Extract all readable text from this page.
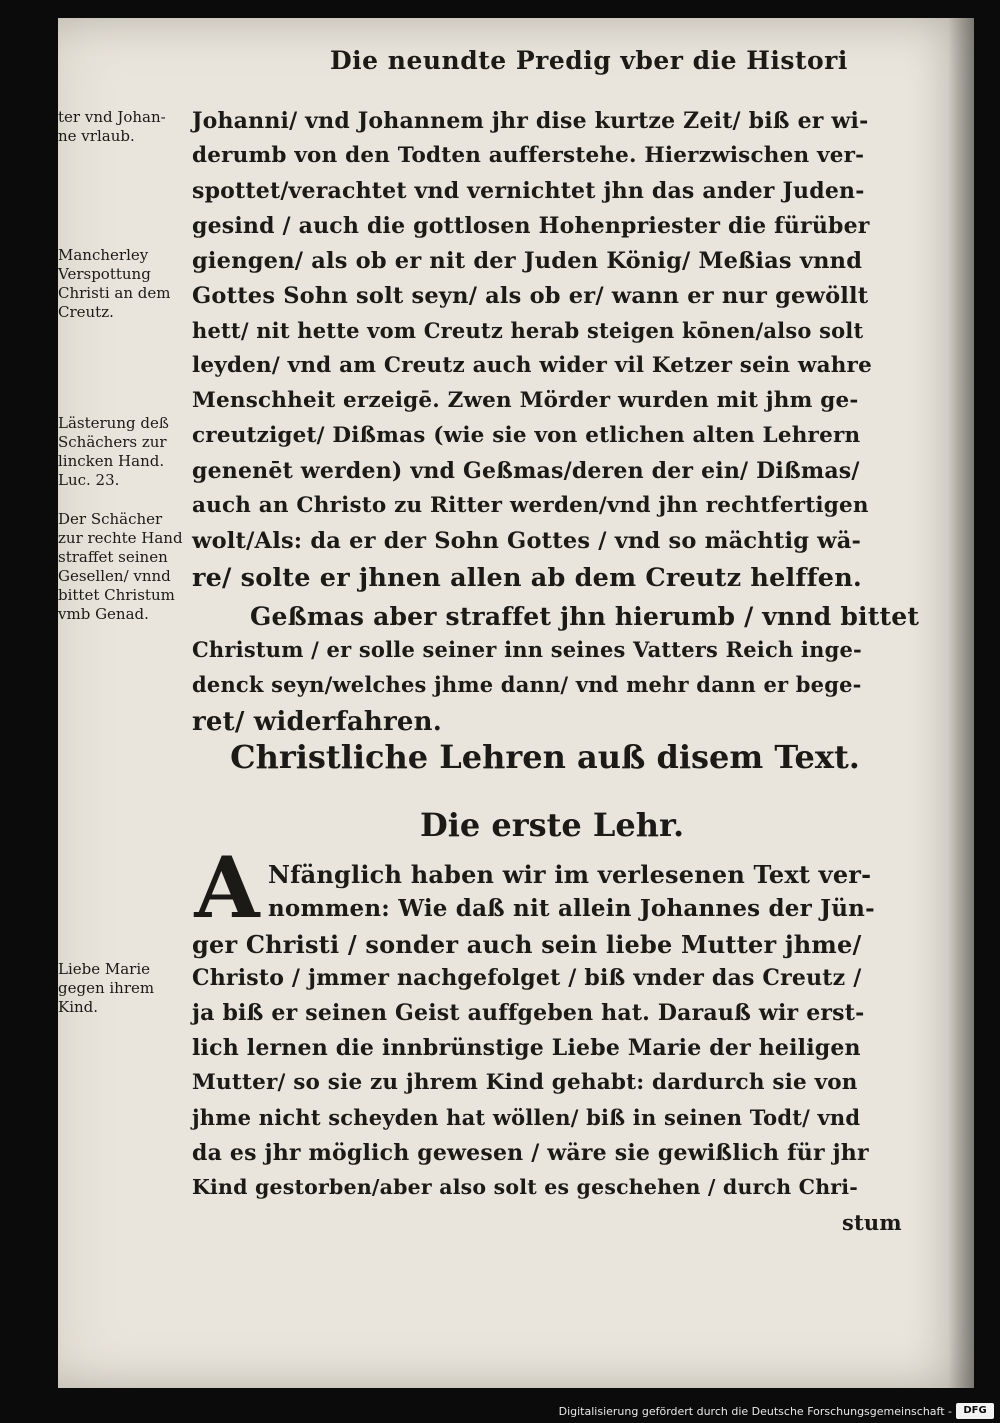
Die neundte Predig vber die Histori
ter vnd Johan-
ne vrlaub.
Mancherley
Verspottung
Christi an dem
Creutz.
Lästerung deß
Schächers zur
lincken Hand.
Luc. 23.
Der Schächer
zur rechte Hand
straffet seinen
Gesellen/ vnnd
bittet Christum
vmb Genad.
Liebe Marie
gegen ihrem
Kind.
Johanni/ vnd Johannem jhr dise kurtze Zeit/ biß er wi-
derumb von den Todten aufferstehe. Hierzwischen ver-
spottet/verachtet vnd vernichtet jhn das ander Juden-
gesind / auch die gottlosen Hohenpriester die fürüber
giengen/ als ob er nit der Juden König/ Meßias vnnd
Gottes Sohn solt seyn/ als ob er/ wann er nur gewöllt
hett/ nit hette vom Creutz herab steigen kōnen/also solt
leyden/ vnd am Creutz auch wider vil Ketzer sein wahre
Menschheit erzeigē. Zwen Mörder wurden mit jhm ge-
creutziget/ Dißmas (wie sie von etlichen alten Lehrern
genenēt werden) vnd Geßmas/deren der ein/ Dißmas/
auch an Christo zu Ritter werden/vnd jhn rechtfertigen
wolt/Als: da er der Sohn Gottes / vnd so mächtig wä-
re/ solte er jhnen allen ab dem Creutz helffen.
Geßmas aber straffet jhn hierumb / vnnd bittet
Christum / er solle seiner inn seines Vatters Reich inge-
denck seyn/welches jhme dann/ vnd mehr dann er bege-
ret/ widerfahren.
Christliche Lehren auß disem Text.
Die erste Lehr.
A Nfänglich haben wir im verlesenen Text ver-
nommen: Wie daß nit allein Johannes der Jün-
ger Christi / sonder auch sein liebe Mutter jhme/
Christo / jmmer nachgefolget / biß vnder das Creutz /
ja biß er seinen Geist auffgeben hat. Darauß wir erst-
lich lernen die innbrünstige Liebe Marie der heiligen
Mutter/ so sie zu jhrem Kind gehabt: dardurch sie von
jhme nicht scheyden hat wöllen/ biß in seinen Todt/ vnd
da es jhr möglich gewesen / wäre sie gewißlich für jhr
Kind gestorben/aber also solt es geschehen / durch Chri-
stum
Digitalisierung gefördert durch die Deutsche Forschungsgemeinschaft -	DFG
